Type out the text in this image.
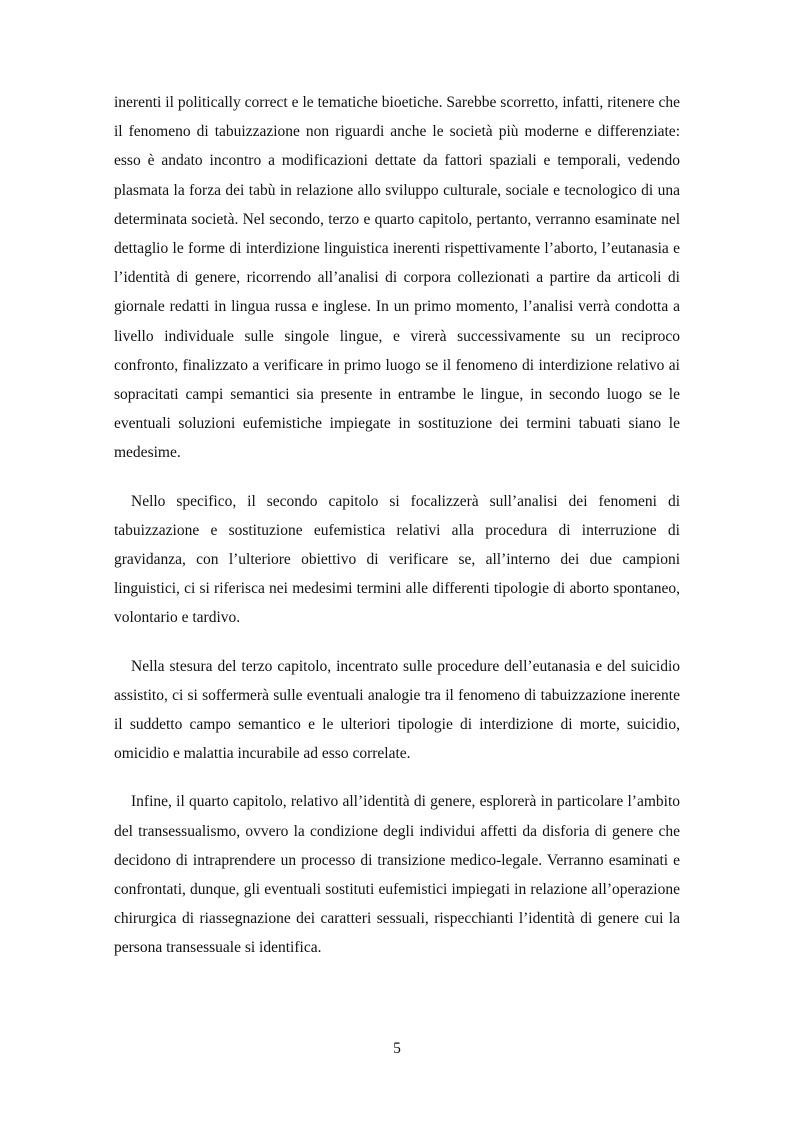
inerenti il politically correct e le tematiche bioetiche. Sarebbe scorretto, infatti, ritenere che il fenomeno di tabuizzazione non riguardi anche le società più moderne e differenziate: esso è andato incontro a modificazioni dettate da fattori spaziali e temporali, vedendo plasmata la forza dei tabù in relazione allo sviluppo culturale, sociale e tecnologico di una determinata società. Nel secondo, terzo e quarto capitolo, pertanto, verranno esaminate nel dettaglio le forme di interdizione linguistica inerenti rispettivamente l’aborto, l’eutanasia e l’identità di genere, ricorrendo all’analisi di corpora collezionati a partire da articoli di giornale redatti in lingua russa e inglese. In un primo momento, l’analisi verrà condotta a livello individuale sulle singole lingue, e virerà successivamente su un reciproco confronto, finalizzato a verificare in primo luogo se il fenomeno di interdizione relativo ai sopracitati campi semantici sia presente in entrambe le lingue, in secondo luogo se le eventuali soluzioni eufemistiche impiegate in sostituzione dei termini tabuati siano le medesime.

Nello specifico, il secondo capitolo si focalizzerà sull’analisi dei fenomeni di tabuizzazione e sostituzione eufemistica relativi alla procedura di interruzione di gravidanza, con l’ulteriore obiettivo di verificare se, all’interno dei due campioni linguistici, ci si riferisca nei medesimi termini alle differenti tipologie di aborto spontaneo, volontario e tardivo.

Nella stesura del terzo capitolo, incentrato sulle procedure dell’eutanasia e del suicidio assistito, ci si soffermerà sulle eventuali analogie tra il fenomeno di tabuizzazione inerente il suddetto campo semantico e le ulteriori tipologie di interdizione di morte, suicidio, omicidio e malattia incurabile ad esso correlate.

Infine, il quarto capitolo, relativo all’identità di genere, esplorerà in particolare l’ambito del transessualismo, ovvero la condizione degli individui affetti da disforia di genere che decidono di intraprendere un processo di transizione medico-legale. Verranno esaminati e confrontati, dunque, gli eventuali sostituti eufemistici impiegati in relazione all’operazione chirurgica di riassegnazione dei caratteri sessuali, rispecchianti l’identità di genere cui la persona transessuale si identifica.

5
